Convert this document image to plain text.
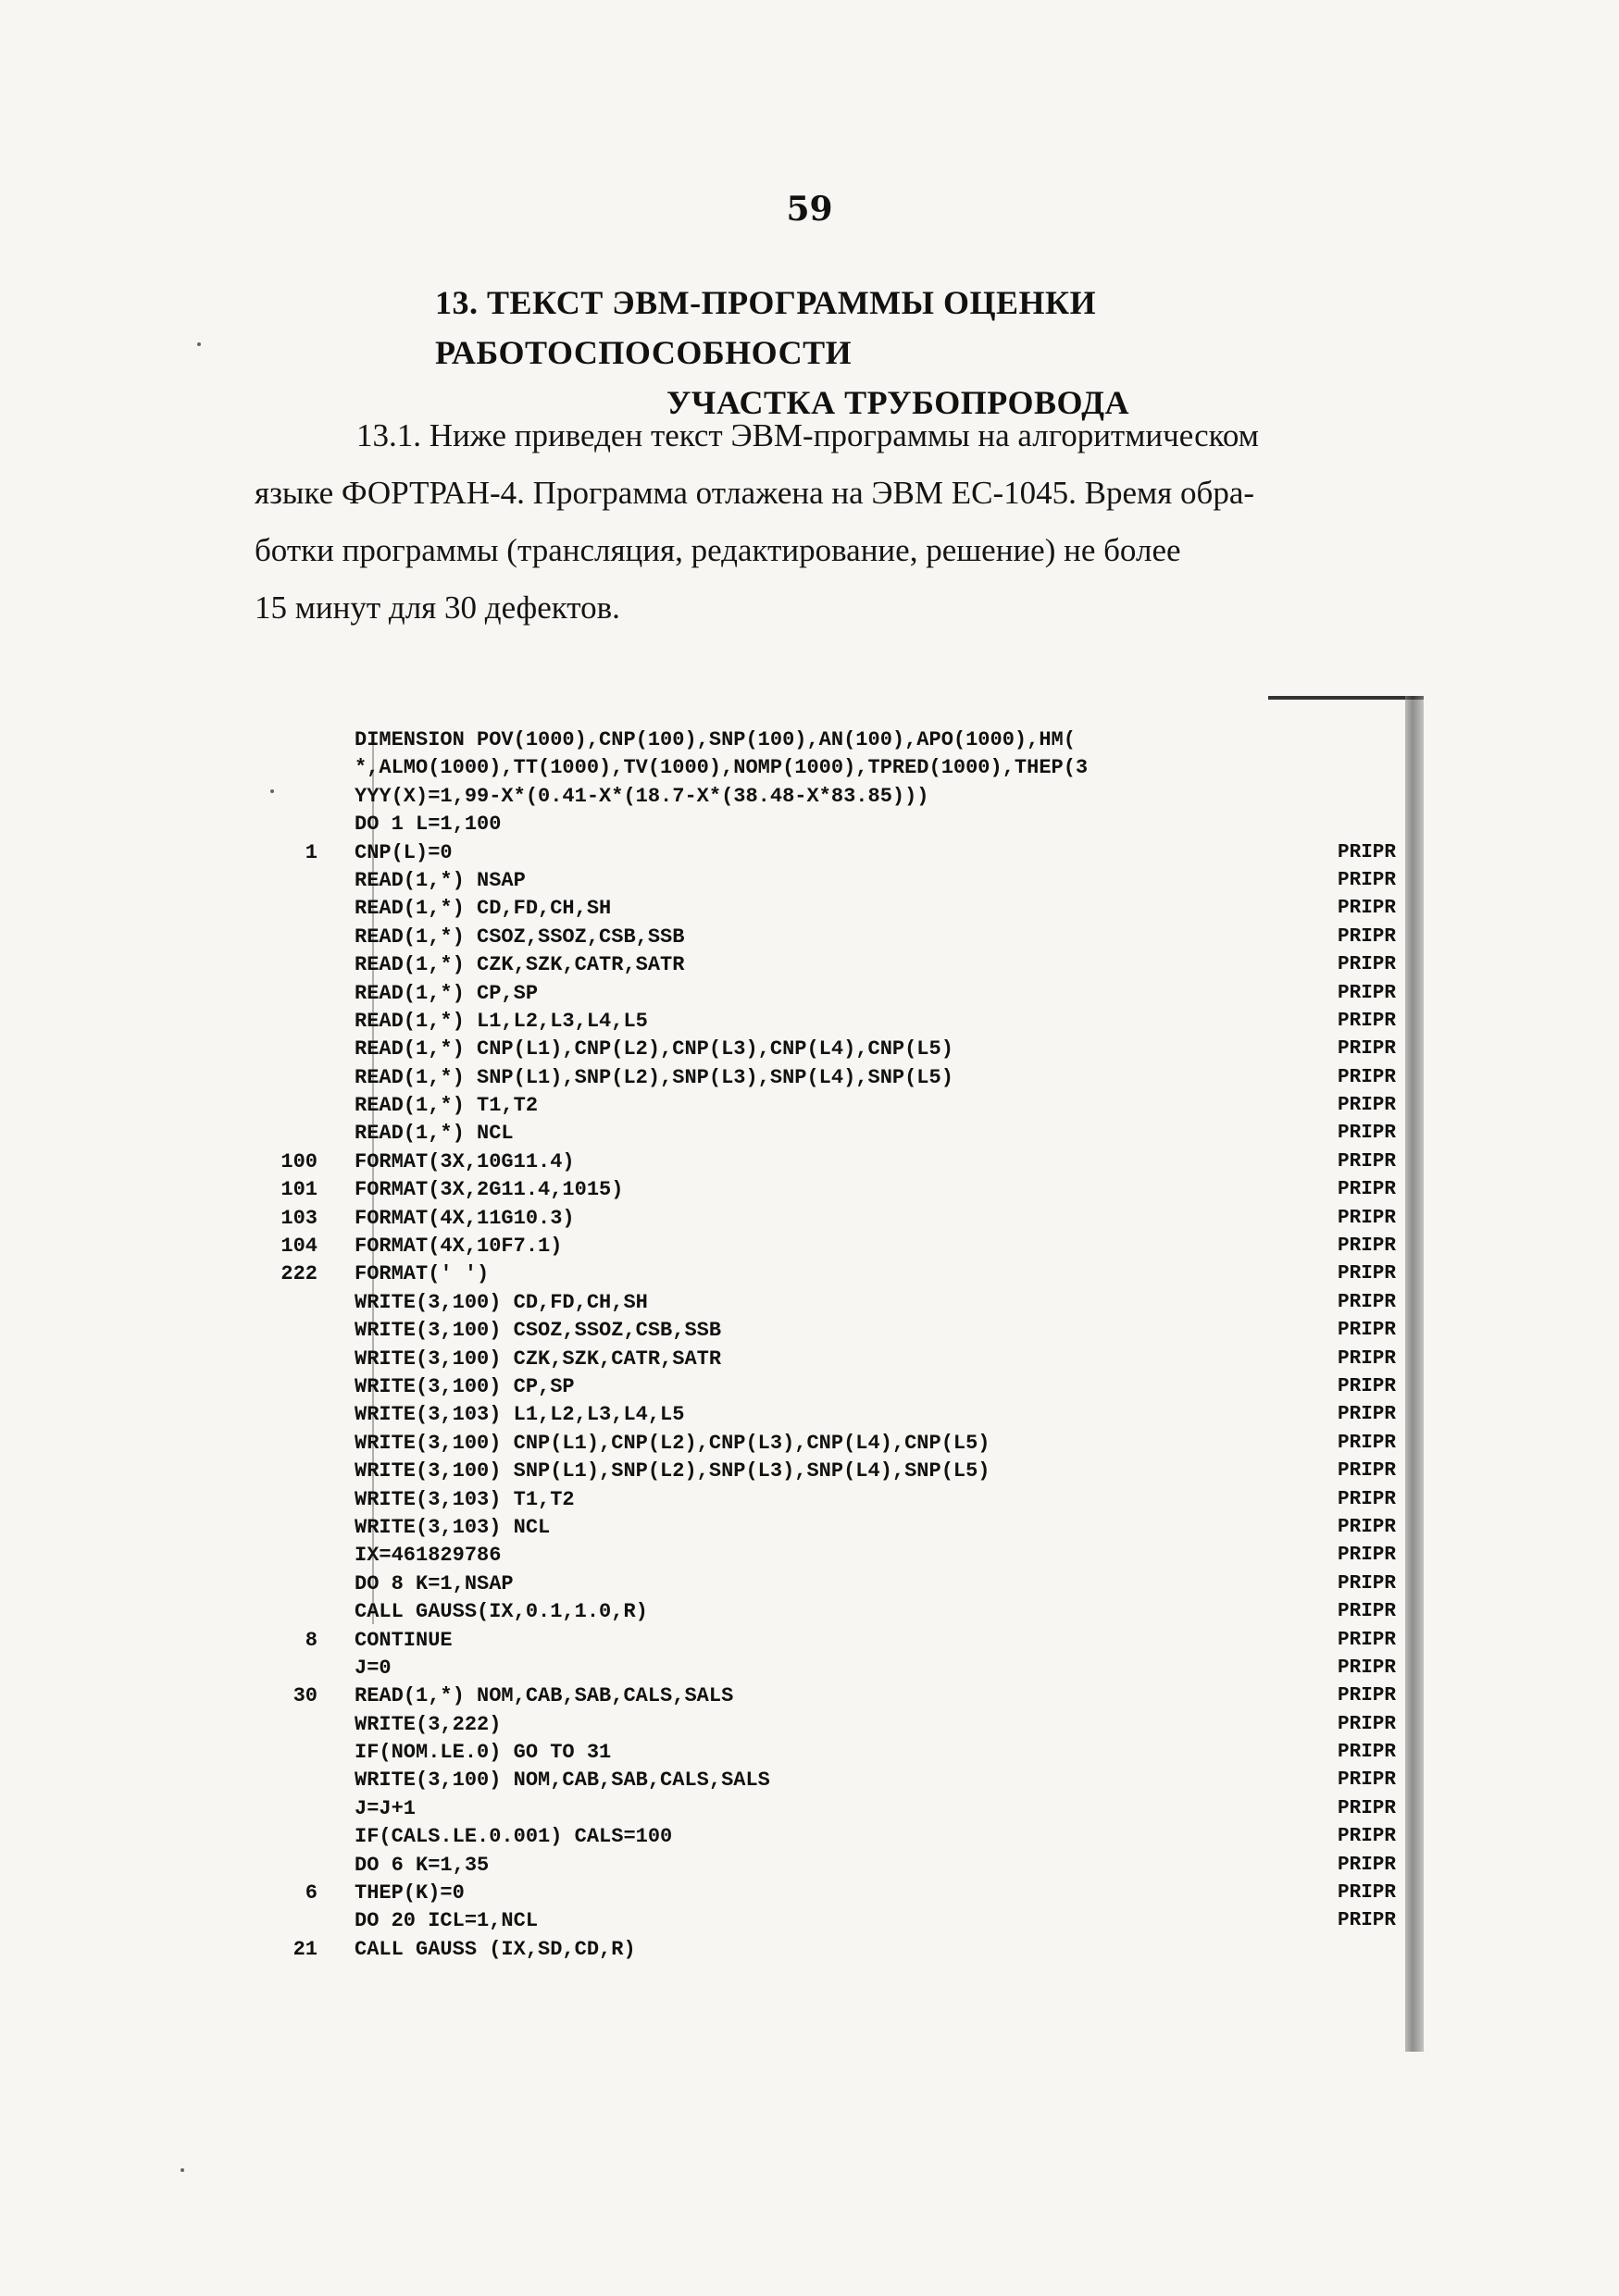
59
13. ТЕКСТ ЭВМ-ПРОГРАММЫ ОЦЕНКИ РАБОТОСПОСОБНОСТИ
УЧАСТКА ТРУБОПРОВОДА
13.1. Ниже приведен текст ЭВМ-программы на алгоритмическом
языке ФОРТРАН-4. Программа отлажена на ЭВМ ЕС-1045. Время обра-
ботки программы (трансляция, редактирование, решение) не более
15 минут для 30 дефектов.
DIMENSION POV(1000),CNP(100),SNP(100),AN(100),APO(1000),HM(
*,ALMO(1000),TT(1000),TV(1000),NOMP(1000),TPRED(1000),THEP(3
YYY(X)=1,99-X*(0.41-X*(18.7-X*(38.48-X*83.85)))
DO 1 L=1,100
1	CNP(L)=0	PRIPR
READ(1,*) NSAP	PRIPR
READ(1,*) CD,FD,CH,SH	PRIPR
READ(1,*) CSOZ,SSOZ,CSB,SSB	PRIPR
READ(1,*) CZK,SZK,CATR,SATR	PRIPR
READ(1,*) CP,SP	PRIPR
READ(1,*) L1,L2,L3,L4,L5	PRIPR
READ(1,*) CNP(L1),CNP(L2),CNP(L3),CNP(L4),CNP(L5)	PRIPR
READ(1,*) SNP(L1),SNP(L2),SNP(L3),SNP(L4),SNP(L5)	PRIPR
READ(1,*) T1,T2	PRIPR
READ(1,*) NCL	PRIPR
100	FORMAT(3X,10G11.4)	PRIPR
101	FORMAT(3X,2G11.4,1015)	PRIPR
103	FORMAT(4X,11G10.3)	PRIPR
104	FORMAT(4X,10F7.1)	PRIPR
222	FORMAT(' ')	PRIPR
WRITE(3,100) CD,FD,CH,SH	PRIPR
WRITE(3,100) CSOZ,SSOZ,CSB,SSB	PRIPR
WRITE(3,100) CZK,SZK,CATR,SATR	PRIPR
WRITE(3,100) CP,SP	PRIPR
WRITE(3,103) L1,L2,L3,L4,L5	PRIPR
WRITE(3,100) CNP(L1),CNP(L2),CNP(L3),CNP(L4),CNP(L5)	PRIPR
WRITE(3,100) SNP(L1),SNP(L2),SNP(L3),SNP(L4),SNP(L5)	PRIPR
WRITE(3,103) T1,T2	PRIPR
WRITE(3,103) NCL	PRIPR
IX=461829786	PRIPR
DO 8 K=1,NSAP	PRIPR
CALL GAUSS(IX,0.1,1.0,R)	PRIPR
8	CONTINUE	PRIPR
J=0	PRIPR
30	READ(1,*) NOM,CAB,SAB,CALS,SALS	PRIPR
WRITE(3,222)	PRIPR
IF(NOM.LE.0) GO TO 31	PRIPR
WRITE(3,100) NOM,CAB,SAB,CALS,SALS	PRIPR
J=J+1	PRIPR
IF(CALS.LE.0.001) CALS=100	PRIPR
DO 6 K=1,35	PRIPR
6	THEP(K)=0	PRIPR
DO 20 ICL=1,NCL	PRIPR
21	CALL GAUSS (IX,SD,CD,R)
